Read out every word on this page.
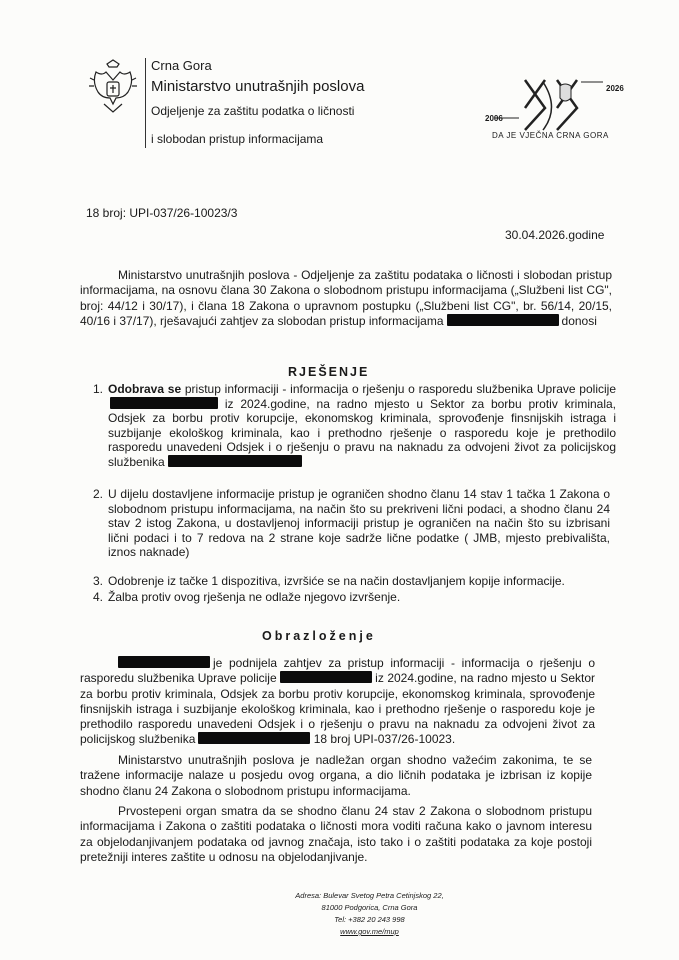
Crna Gora
Ministarstvo unutrašnjih poslova
Odjeljenje za zaštitu podatka o ličnosti
i slobodan pristup informacijama
2006
2026
DA JE VJEČNA CRNA GORA
18 broj: UPI-037/26-10023/3
30.04.2026.godine
Ministarstvo unutrašnjih poslova - Odjeljenje za zaštitu podataka o ličnosti i slobodan pristup informacijama, na osnovu člana 30 Zakona o slobodnom pristupu informacijama („Službeni list CG", broj: 44/12 i 30/17), i člana 18 Zakona o upravnom postupku („Službeni list CG", br. 56/14, 20/15, 40/16 i 37/17), rješavajući zahtjev za slobodan pristup informacijama	donosi
RJEŠENJE
1. Odobrava se pristup informaciji - informacija o rješenju o rasporedu službenika Uprave policije iz 2024.godine, na radno mjesto u Sektor za borbu protiv kriminala, Odsjek za borbu protiv korupcije, ekonomskog kriminala, sprovođenje finsnijskih istraga i suzbijanje ekološkog kriminala, kao i prethodno rješenje o rasporedu koje je prethodilo rasporedu unavedeni Odsjek i o rješenju o pravu na naknadu za odvojeni život za policijskog službenika
2. U dijelu dostavljene informacije pristup je ograničen shodno članu 14 stav 1 tačka 1 Zakona o slobodnom pristupu informacijama, na način što su prekriveni lični podaci, a shodno članu 24 stav 2 istog Zakona, u dostavljenoj informaciji pristup je ograničen na način što su izbrisani lični podaci i to 7 redova na 2 strane koje sadrže lične podatke ( JMB, mjesto prebivališta, iznos naknade)
3. Odobrenje iz tačke 1 dispozitiva, izvršiće se na način dostavljanjem kopije informacije.
4. Žalba protiv ovog rješenja ne odlaže njegovo izvršenje.
Obrazloženje
je podnijela zahtjev za pristup informaciji - informacija o rješenju o rasporedu službenika Uprave policije	iz 2024.godine, na radno mjesto u Sektor za borbu protiv kriminala, Odsjek za borbu protiv korupcije, ekonomskog kriminala, sprovođenje finsnijskih istraga i suzbijanje ekološkog kriminala, kao i prethodno rješenje o rasporedu koje je prethodilo rasporedu unavedeni Odsjek i o rješenju o pravu na naknadu za odvojeni život za policijskog službenika	18 broj UPI-037/26-10023.
Ministarstvo unutrašnjih poslova je nadležan organ shodno važećim zakonima, te se tražene informacije nalaze u posjedu ovog organa, a dio ličnih podataka je izbrisan iz kopije shodno članu 24 Zakona o slobodnom pristupu informacijama.
Prvostepeni organ smatra da se shodno članu 24 stav 2 Zakona o slobodnom pristupu informacijama i Zakona o zaštiti podataka o ličnosti mora voditi računa kako o javnom interesu za objelodanjivanjem podataka od javnog značaja, isto tako i o zaštiti podataka za koje postoji pretežniji interes zaštite u odnosu na objelodanjivanje.
Adresa: Bulevar Svetog Petra Cetinjskog 22,
81000 Podgorica, Crna Gora
Tel: +382 20 243 998
www.gov.me/mup
